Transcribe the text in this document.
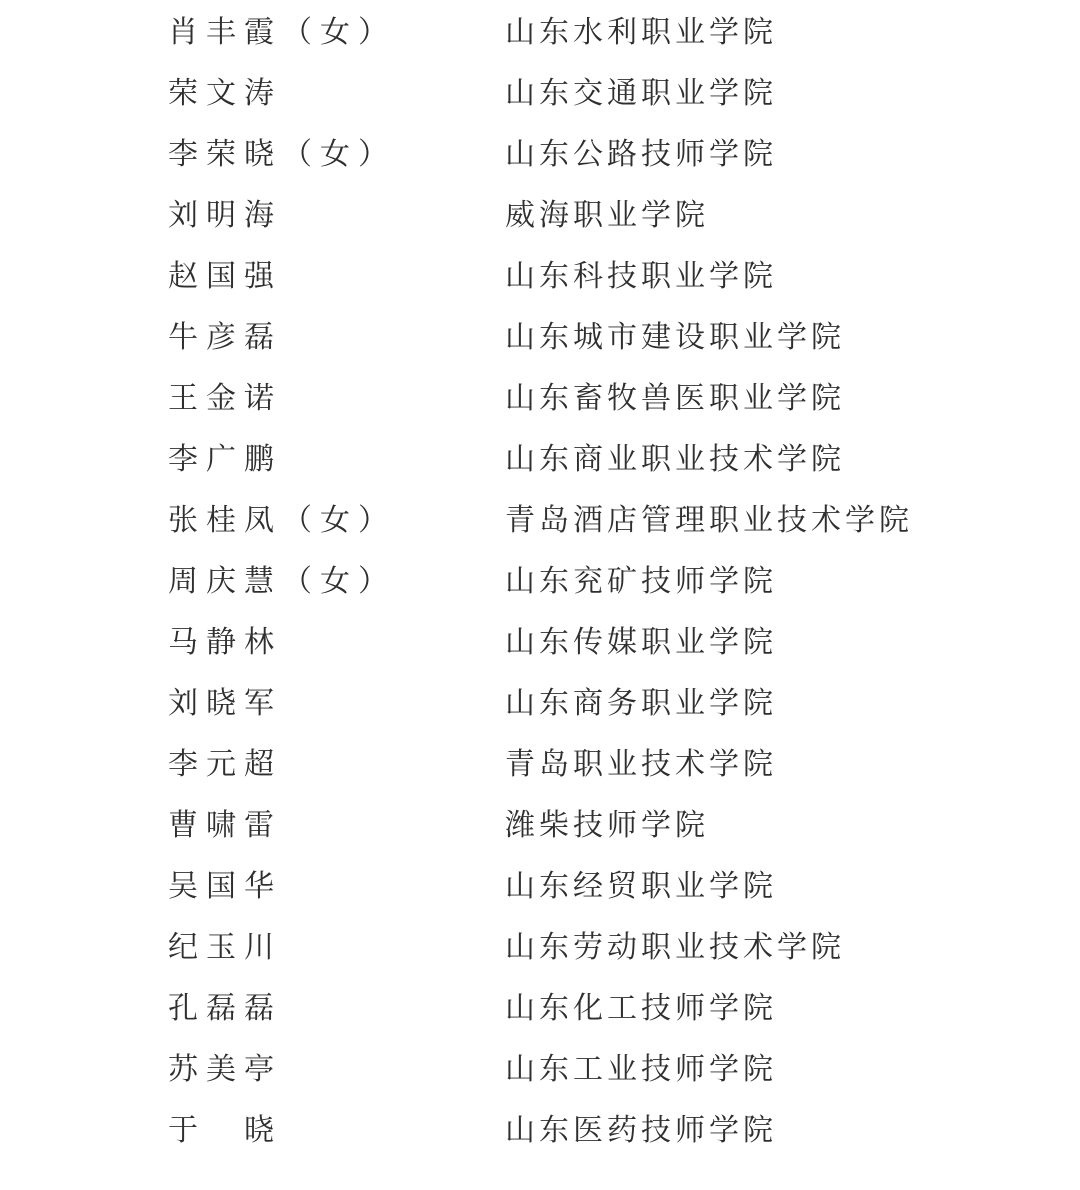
肖丰霞（女）	山东水利职业学院
荣文涛	山东交通职业学院
李荣晓（女）	山东公路技师学院
刘明海	威海职业学院
赵国强	山东科技职业学院
牛彦磊	山东城市建设职业学院
王金诺	山东畜牧兽医职业学院
李广鹏	山东商业职业技术学院
张桂凤（女）	青岛酒店管理职业技术学院
周庆慧（女）	山东兖矿技师学院
马静林	山东传媒职业学院
刘晓军	山东商务职业学院
李元超	青岛职业技术学院
曹啸雷	潍柴技师学院
吴国华	山东经贸职业学院
纪玉川	山东劳动职业技术学院
孔磊磊	山东化工技师学院
苏美亭	山东工业技师学院
于　晓	山东医药技师学院
